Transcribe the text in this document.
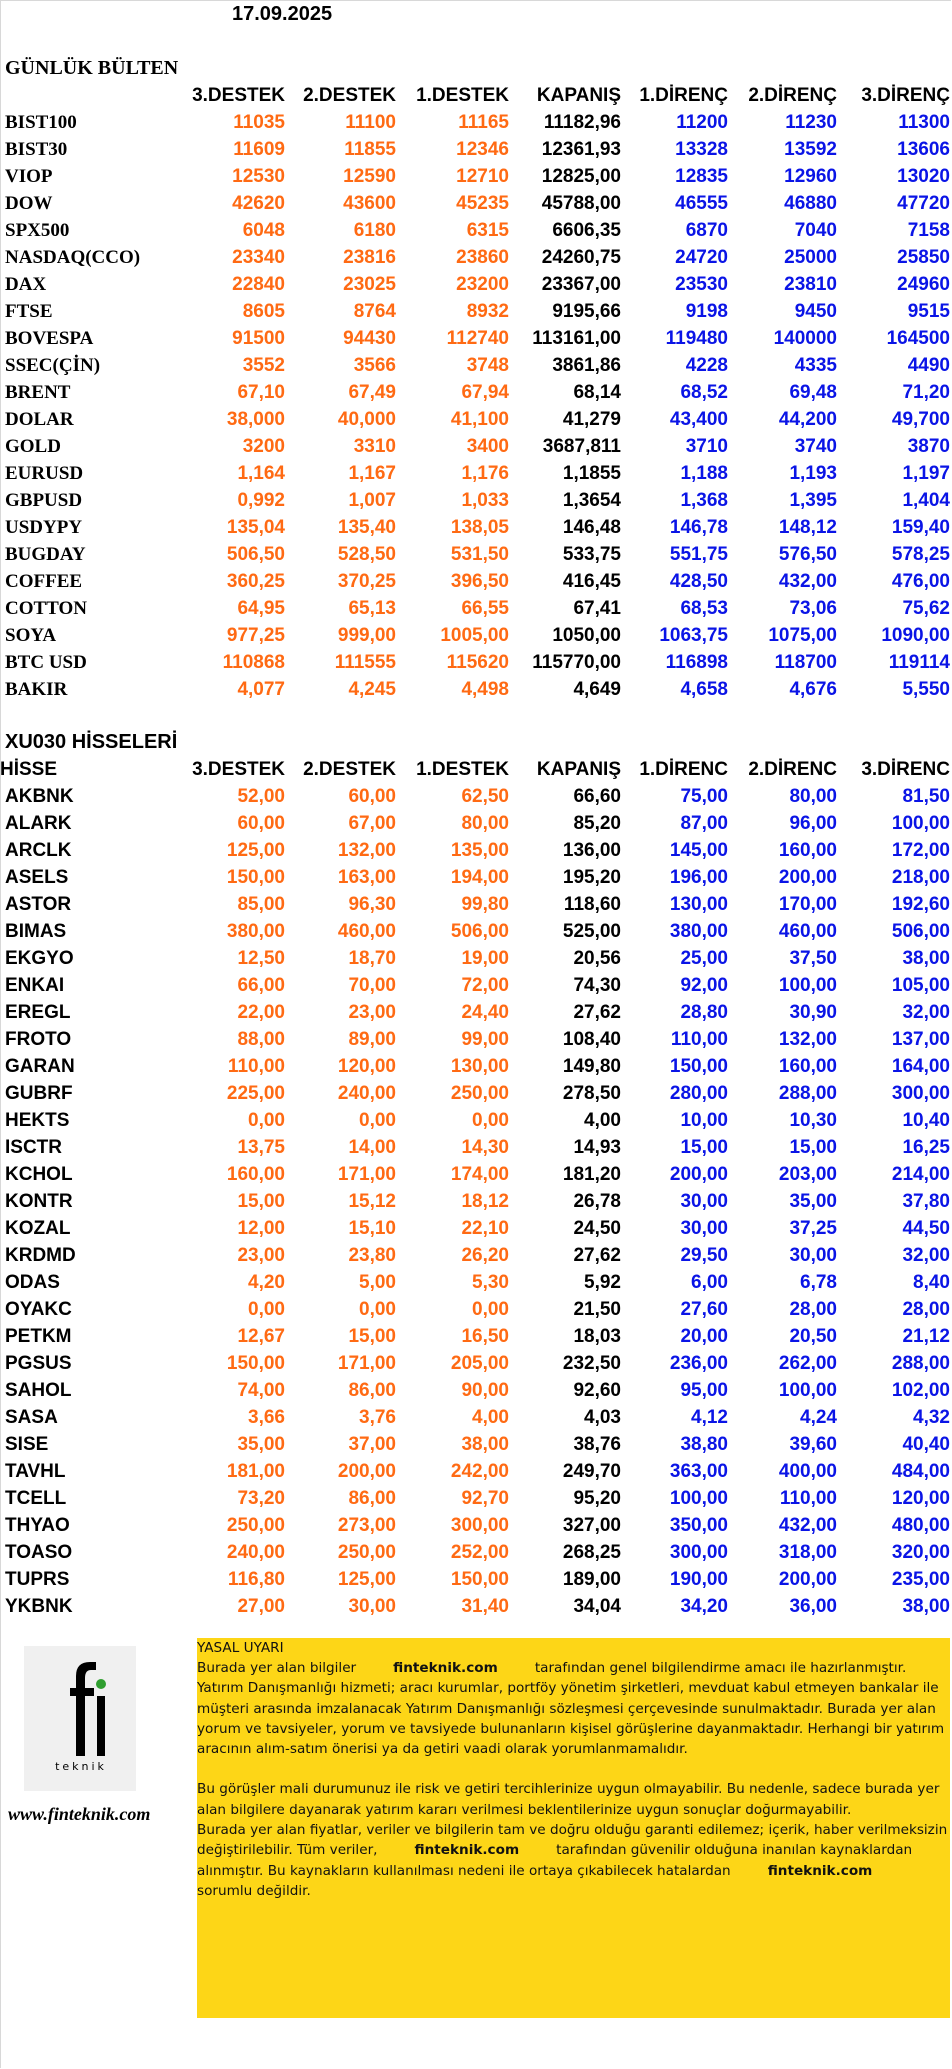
17.09.2025
GÜNLÜK BÜLTEN
	3.DESTEK	2.DESTEK	1.DESTEK	KAPANIŞ	1.DİRENÇ	2.DİRENÇ	3.DİRENÇ
BIST100	11035	11100	11165	11182,96	11200	11230	11300
BIST30	11609	11855	12346	12361,93	13328	13592	13606
VIOP	12530	12590	12710	12825,00	12835	12960	13020
DOW	42620	43600	45235	45788,00	46555	46880	47720
SPX500	6048	6180	6315	6606,35	6870	7040	7158
NASDAQ(CCO)	23340	23816	23860	24260,75	24720	25000	25850
DAX	22840	23025	23200	23367,00	23530	23810	24960
FTSE	8605	8764	8932	9195,66	9198	9450	9515
BOVESPA	91500	94430	112740	113161,00	119480	140000	164500
SSEC(ÇİN)	3552	3566	3748	3861,86	4228	4335	4490
BRENT	67,10	67,49	67,94	68,14	68,52	69,48	71,20
DOLAR	38,000	40,000	41,100	41,279	43,400	44,200	49,700
GOLD	3200	3310	3400	3687,811	3710	3740	3870
EURUSD	1,164	1,167	1,176	1,1855	1,188	1,193	1,197
GBPUSD	0,992	1,007	1,033	1,3654	1,368	1,395	1,404
USDYPY	135,04	135,40	138,05	146,48	146,78	148,12	159,40
BUGDAY	506,50	528,50	531,50	533,75	551,75	576,50	578,25
COFFEE	360,25	370,25	396,50	416,45	428,50	432,00	476,00
COTTON	64,95	65,13	66,55	67,41	68,53	73,06	75,62
SOYA	977,25	999,00	1005,00	1050,00	1063,75	1075,00	1090,00
BTC USD	110868	111555	115620	115770,00	116898	118700	119114
BAKIR	4,077	4,245	4,498	4,649	4,658	4,676	5,550
XU030 HİSSELERİ
HİSSE	3.DESTEK	2.DESTEK	1.DESTEK	KAPANIŞ	1.DİRENC	2.DİRENC	3.DİRENC
AKBNK	52,00	60,00	62,50	66,60	75,00	80,00	81,50
ALARK	60,00	67,00	80,00	85,20	87,00	96,00	100,00
ARCLK	125,00	132,00	135,00	136,00	145,00	160,00	172,00
ASELS	150,00	163,00	194,00	195,20	196,00	200,00	218,00
ASTOR	85,00	96,30	99,80	118,60	130,00	170,00	192,60
BIMAS	380,00	460,00	506,00	525,00	380,00	460,00	506,00
EKGYO	12,50	18,70	19,00	20,56	25,00	37,50	38,00
ENKAI	66,00	70,00	72,00	74,30	92,00	100,00	105,00
EREGL	22,00	23,00	24,40	27,62	28,80	30,90	32,00
FROTO	88,00	89,00	99,00	108,40	110,00	132,00	137,00
GARAN	110,00	120,00	130,00	149,80	150,00	160,00	164,00
GUBRF	225,00	240,00	250,00	278,50	280,00	288,00	300,00
HEKTS	0,00	0,00	0,00	4,00	10,00	10,30	10,40
ISCTR	13,75	14,00	14,30	14,93	15,00	15,00	16,25
KCHOL	160,00	171,00	174,00	181,20	200,00	203,00	214,00
KONTR	15,00	15,12	18,12	26,78	30,00	35,00	37,80
KOZAL	12,00	15,10	22,10	24,50	30,00	37,25	44,50
KRDMD	23,00	23,80	26,20	27,62	29,50	30,00	32,00
ODAS	4,20	5,00	5,30	5,92	6,00	6,78	8,40
OYAKC	0,00	0,00	0,00	21,50	27,60	28,00	28,00
PETKM	12,67	15,00	16,50	18,03	20,00	20,50	21,12
PGSUS	150,00	171,00	205,00	232,50	236,00	262,00	288,00
SAHOL	74,00	86,00	90,00	92,60	95,00	100,00	102,00
SASA	3,66	3,76	4,00	4,03	4,12	4,24	4,32
SISE	35,00	37,00	38,00	38,76	38,80	39,60	40,40
TAVHL	181,00	200,00	242,00	249,70	363,00	400,00	484,00
TCELL	73,20	86,00	92,70	95,20	100,00	110,00	120,00
THYAO	250,00	273,00	300,00	327,00	350,00	432,00	480,00
TOASO	240,00	250,00	252,00	268,25	300,00	318,00	320,00
TUPRS	116,80	125,00	150,00	189,00	190,00	200,00	235,00
YKBNK	27,00	30,00	31,40	34,04	34,20	36,00	38,00
teknik
www.finteknik.com
YASAL UYARI

Burada yer alan bilgiler	finteknik.com	tarafından genel bilgilendirme amacı ile hazırlanmıştır. Yatırım Danışmanlığı hizmeti; aracı kurumlar, portföy yönetim şirketleri, mevduat kabul etmeyen bankalar ile müşteri arasında imzalanacak Yatırım Danışmanlığı sözleşmesi çerçevesinde sunulmaktadır. Burada yer alan yorum ve tavsiyeler, yorum ve tavsiyede bulunanların kişisel görüşlerine dayanmaktadır. Herhangi bir yatırım aracının alım-satım önerisi ya da getiri vaadi olarak yorumlanmamalıdır.

Bu görüşler mali durumunuz ile risk ve getiri tercihlerinize uygun olmayabilir. Bu nedenle, sadece burada yer alan bilgilere dayanarak yatırım kararı verilmesi beklentilerinize uygun sonuçlar doğurmayabilir.

Burada yer alan fiyatlar, veriler ve bilgilerin tam ve doğru olduğu garanti edilemez; içerik, haber verilmeksizin değiştirilebilir. Tüm veriler,	finteknik.com	tarafından güvenilir olduğuna inanılan kaynaklardan alınmıştır. Bu kaynakların kullanılması nedeni ile ortaya çıkabilecek hatalardan	finteknik.com sorumlu değildir.
